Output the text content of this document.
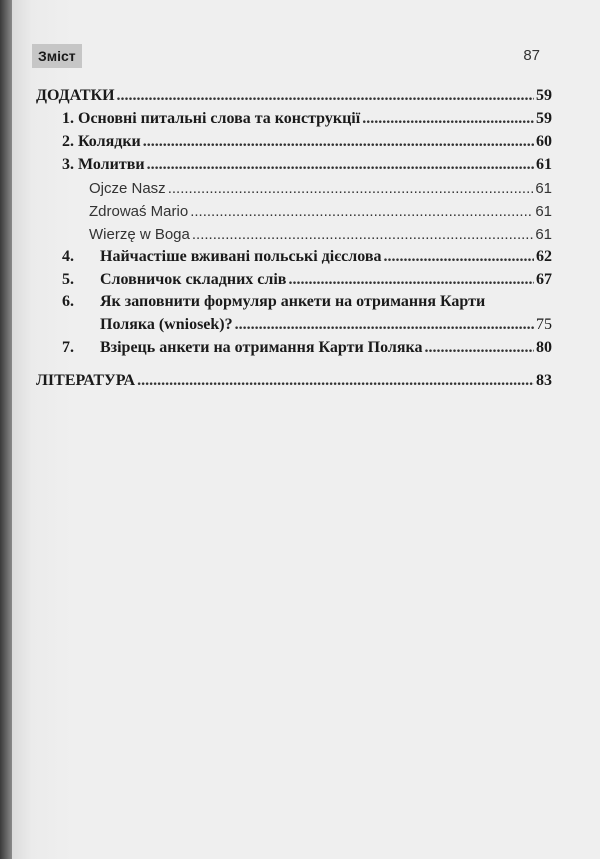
Зміст	87
ДОДАТКИ .....	59
1. Основні питальні слова та конструкції .....	59
2. Колядки .....	60
3. Молитви .....	61
Ojcze Nasz .....	61
Zdrowaś Mario .....	61
Wierzę w Boga .....	61
4.	Найчастіше вживані польські дієслова .....	62
5.	Словничок складних слів .....	67
6.	Як заповнити формуляр анкети на отримання Карти
Поляка (wniosek)? .....	75
7.	Взірець анкети на отримання Карти Поляка .....	80
ЛІТЕРАТУРА .....	83
